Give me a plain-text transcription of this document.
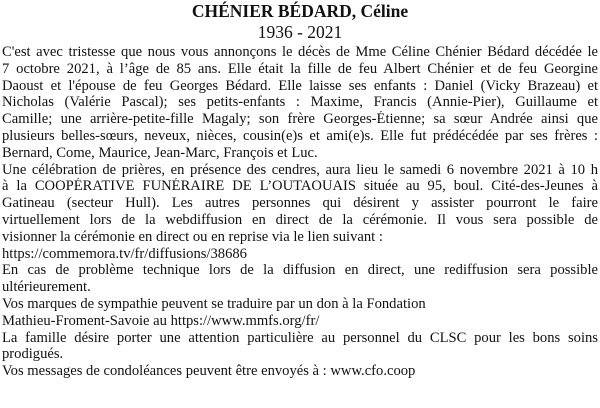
CHÉNIER BÉDARD, Céline
1936 - 2021
C'est avec tristesse que nous vous annonçons le décès de Mme Céline Chénier Bédard décédée le
7 octobre 2021, à l’âge de 85 ans. Elle était la fille de feu Albert Chénier et de feu Georgine
Daoust et l'épouse de feu Georges Bédard. Elle laisse ses enfants : Daniel (Vicky Brazeau) et
Nicholas (Valérie Pascal); ses petits-enfants : Maxime, Francis (Annie-Pier), Guillaume et
Camille; une arrière-petite-fille Magaly; son frère Georges-Étienne; sa sœur Andrée ainsi que
plusieurs belles-sœurs, neveux, nièces, cousin(e)s et ami(e)s. Elle fut prédécédée par ses frères :
Bernard, Come, Maurice, Jean-Marc, François et Luc.
Une célébration de prières, en présence des cendres, aura lieu le samedi 6 novembre 2021 à 10 h
à la COOPÉRATIVE FUNÉRAIRE DE L’OUTAOUAIS située au 95, boul. Cité-des-Jeunes à
Gatineau (secteur Hull). Les autres personnes qui désirent y assister pourront le faire
virtuellement lors de la webdiffusion en direct de la cérémonie. Il vous sera possible de
visionner la cérémonie en direct ou en reprise via le lien suivant :
https://commemora.tv/fr/diffusions/38686
En cas de problème technique lors de la diffusion en direct, une rediffusion sera possible
ultérieurement.
Vos marques de sympathie peuvent se traduire par un don à la Fondation
Mathieu-Froment-Savoie au https://www.mmfs.org/fr/
La famille désire porter une attention particulière au personnel du CLSC pour les bons soins
prodigués.
Vos messages de condoléances peuvent être envoyés à : www.cfo.coop
